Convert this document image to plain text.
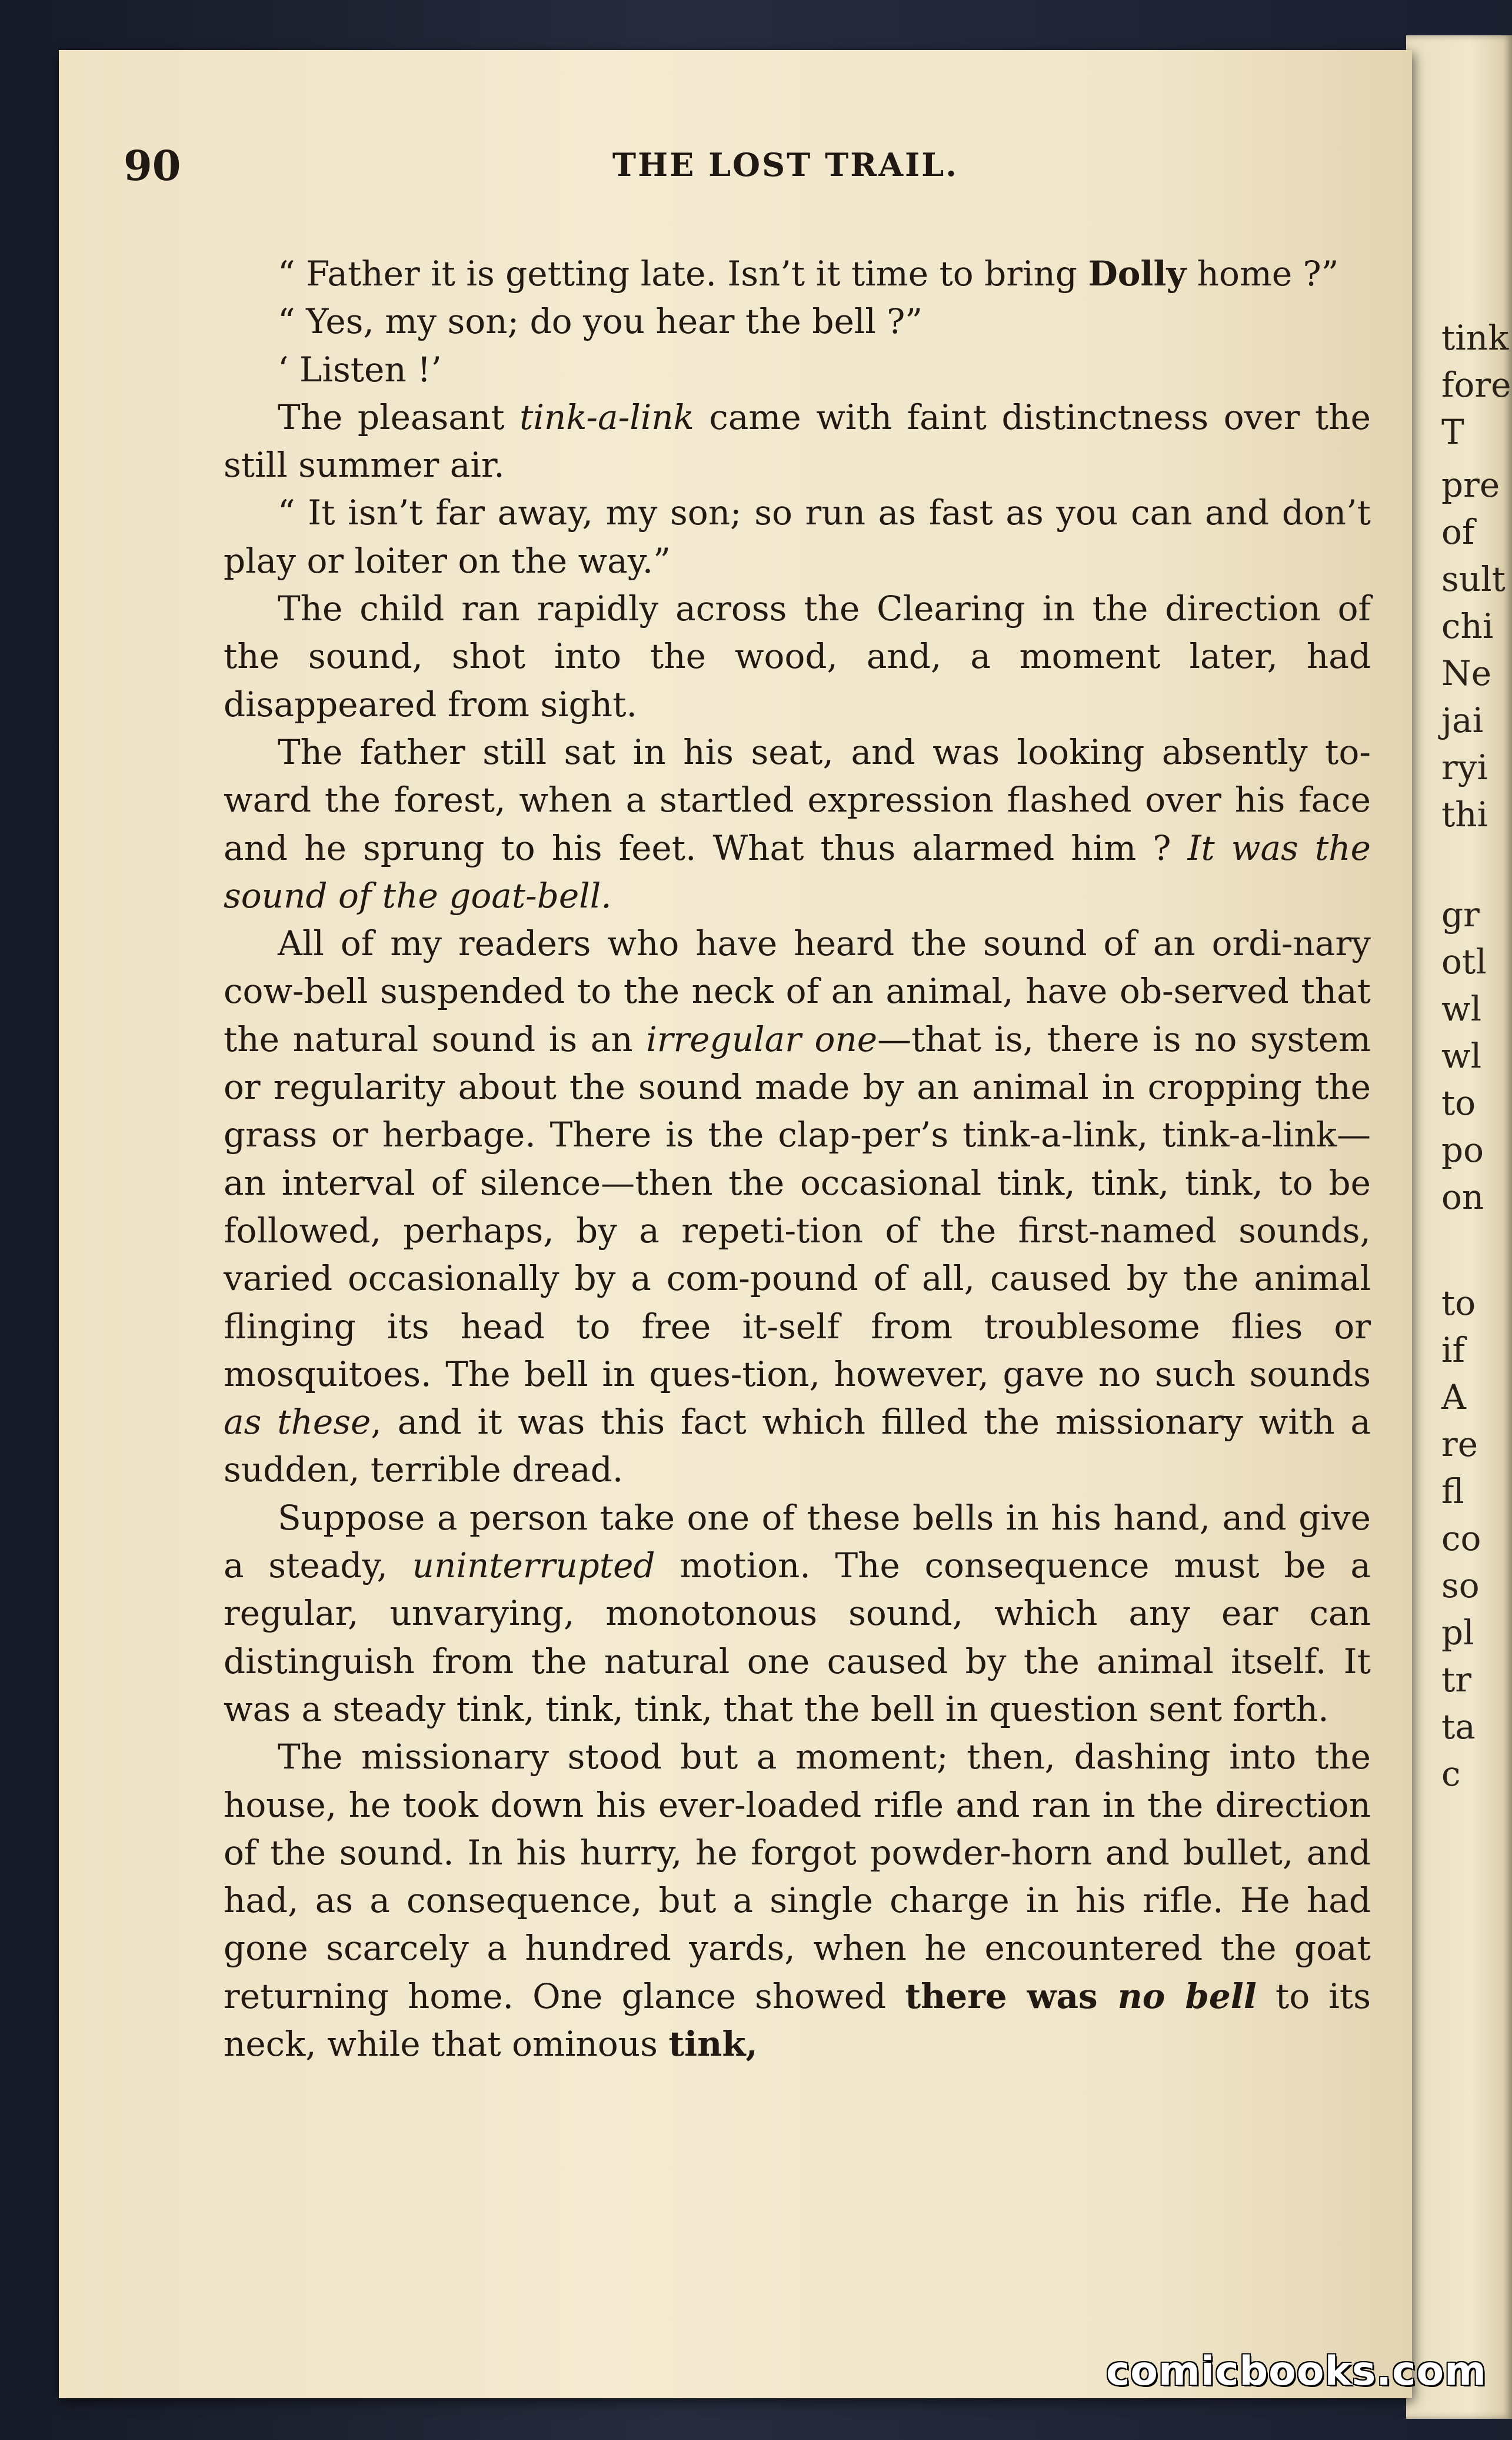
tink
fore
T
pre
of
sult
chi
Ne
jai
ryi
thi
gr
otl
wl
wl
to
po
on
to
if
A
re
fl
co
so
pl
tr
ta
c
90	THE LOST TRAIL.

“ Father it is getting late. Isn’t it time to bring Dolly home ?”

“ Yes, my son; do you hear the bell ?”

‘ Listen !’

The pleasant tink-a-link came with faint distinctness over the still summer air.

“ It isn’t far away, my son; so run as fast as you can and don’t play or loiter on the way.”

The child ran rapidly across the Clearing in the direction of the sound, shot into the wood, and, a moment later, had disappeared from sight.

The father still sat in his seat, and was looking absently to-ward the forest, when a startled expression flashed over his face and he sprung to his feet. What thus alarmed him ? It was the sound of the goat-bell.

All of my readers who have heard the sound of an ordi-nary cow-bell suspended to the neck of an animal, have ob-served that the natural sound is an irregular one—that is, there is no system or regularity about the sound made by an animal in cropping the grass or herbage. There is the clap-per’s tink-a-link, tink-a-link—an interval of silence—then the occasional tink, tink, tink, to be followed, perhaps, by a repeti-tion of the first-named sounds, varied occasionally by a com-pound of all, caused by the animal flinging its head to free it-self from troublesome flies or mosquitoes. The bell in ques-tion, however, gave no such sounds as these, and it was this fact which filled the missionary with a sudden, terrible dread.

Suppose a person take one of these bells in his hand, and give a steady, uninterrupted motion. The consequence must be a regular, unvarying, monotonous sound, which any ear can distinguish from the natural one caused by the animal itself. It was a steady tink, tink, tink, that the bell in question sent forth.

The missionary stood but a moment; then, dashing into the house, he took down his ever-loaded rifle and ran in the direction of the sound. In his hurry, he forgot powder-horn and bullet, and had, as a consequence, but a single charge in his rifle. He had gone scarcely a hundred yards, when he encountered the goat returning home. One glance showed there was no bell to its neck, while that ominous tink,

comicbooks.com
